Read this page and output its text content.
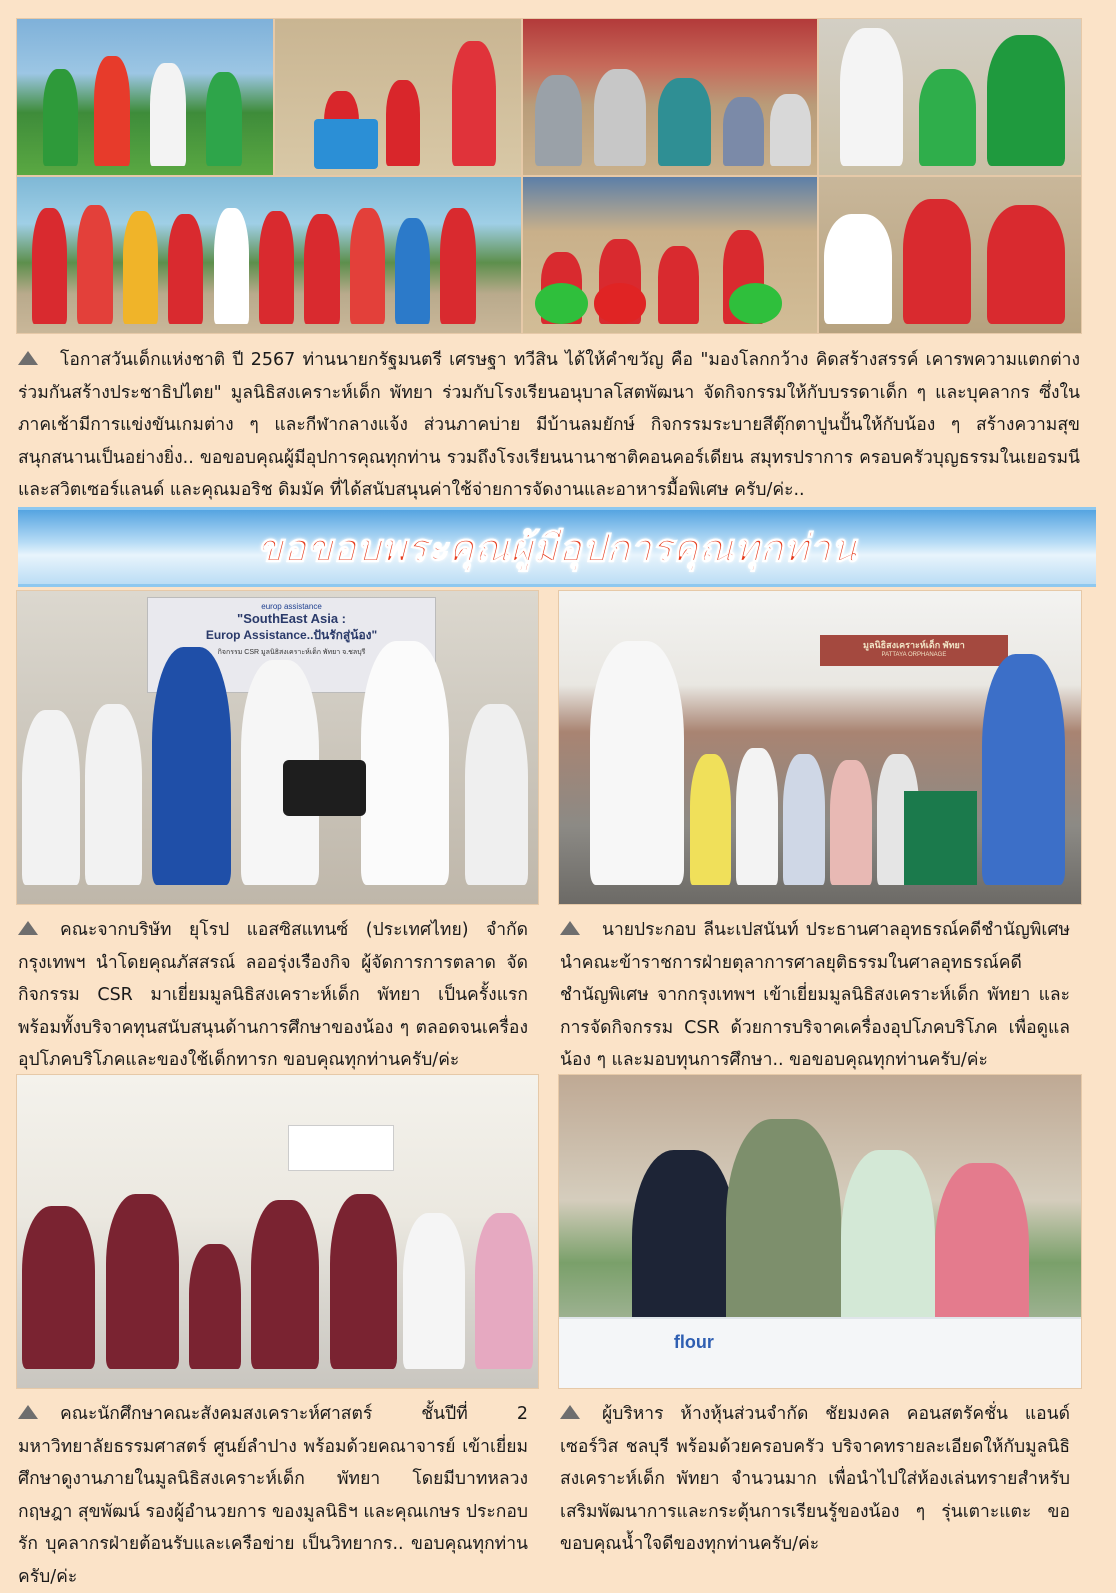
โอกาสวันเด็กแห่งชาติ ปี 2567 ท่านนายกรัฐมนตรี เศรษฐา ทวีสิน ได้ให้คำขวัญ คือ "มองโลกกว้าง คิดสร้างสรรค์ เคารพความแตกต่าง ร่วมกันสร้างประชาธิปไตย" มูลนิธิสงเคราะห์เด็ก พัทยา ร่วมกับโรงเรียนอนุบาลโสตพัฒนา จัดกิจกรรมให้กับบรรดาเด็ก ๆ และบุคลากร ซึ่งในภาคเช้ามีการแข่งขันเกมต่าง ๆ และกีฬากลางแจ้ง ส่วนภาคบ่าย มีบ้านลมยักษ์ กิจกรรมระบายสีตุ๊กตาปูนปั้นให้กับน้อง ๆ สร้างความสุขสนุกสนานเป็นอย่างยิ่ง.. ขอขอบคุณผู้มีอุปการคุณทุกท่าน รวมถึงโรงเรียนนานาชาติคอนคอร์เดียน สมุทรปราการ ครอบครัวบุญธรรมในเยอรมนีและสวิตเซอร์แลนด์ และคุณมอริช ดิมมัค ที่ได้สนับสนุนค่าใช้จ่ายการจัดงานและอาหารมื้อพิเศษ ครับ/ค่ะ..

ขอขอบพระคุณผู้มีอุปการคุณทุกท่าน
europ assistance
"SouthEast Asia :
Europ Assistance..ปันรักสู่น้อง"
กิจกรรม CSR มูลนิธิสงเคราะห์เด็ก พัทยา จ.ชลบุรี

คณะจากบริษัท ยุโรป แอสซิสแทนซ์ (ประเทศไทย) จำกัด กรุงเทพฯ นำโดยคุณภัสสรณ์ ลออรุ่งเรืองกิจ ผู้จัดการการตลาด จัดกิจกรรม CSR มาเยี่ยมมูลนิธิสงเคราะห์เด็ก พัทยา เป็นครั้งแรก พร้อมทั้งบริจาคทุนสนับสนุนด้านการศึกษาของน้อง ๆ ตลอดจนเครื่องอุปโภคบริโภคและของใช้เด็กทารก ขอบคุณทุกท่านครับ/ค่ะ

มูลนิธิสงเคราะห์เด็ก พัทยา
PATTAYA ORPHANAGE

นายประกอบ ลีนะเปสนันท์ ประธานศาลอุทธรณ์คดีชำนัญพิเศษ นำคณะข้าราชการฝ่ายตุลาการศาลยุติธรรมในศาลอุทธรณ์คดีชำนัญพิเศษ จากกรุงเทพฯ เข้าเยี่ยมมูลนิธิสงเคราะห์เด็ก พัทยา และการจัดกิจกรรม CSR ด้วยการบริจาคเครื่องอุปโภคบริโภค เพื่อดูแลน้อง ๆ และมอบทุนการศึกษา.. ขอขอบคุณทุกท่านครับ/ค่ะ

คณะนักศึกษาคณะสังคมสงเคราะห์ศาสตร์ ชั้นปีที่ 2 มหาวิทยาลัยธรรมศาสตร์ ศูนย์ลำปาง พร้อมด้วยคณาจารย์ เข้าเยี่ยมศึกษาดูงานภายในมูลนิธิสงเคราะห์เด็ก พัทยา โดยมีบาทหลวงกฤษฎา สุขพัฒน์ รองผู้อำนวยการ ของมูลนิธิฯ และคุณเกษร ประกอบรัก บุคลากรฝ่ายต้อนรับและเครือข่าย เป็นวิทยากร.. ขอบคุณทุกท่านครับ/ค่ะ

flour

ผู้บริหาร ห้างหุ้นส่วนจำกัด ชัยมงคล คอนสตรัคชั่น แอนด์ เซอร์วิส ชลบุรี พร้อมด้วยครอบครัว บริจาคทรายละเอียดให้กับมูลนิธิสงเคราะห์เด็ก พัทยา จำนวนมาก เพื่อนำไปใส่ห้องเล่นทรายสำหรับเสริมพัฒนาการและกระตุ้นการเรียนรู้ของน้อง ๆ รุ่นเตาะแตะ ขอขอบคุณน้ำใจดีของทุกท่านครับ/ค่ะ
